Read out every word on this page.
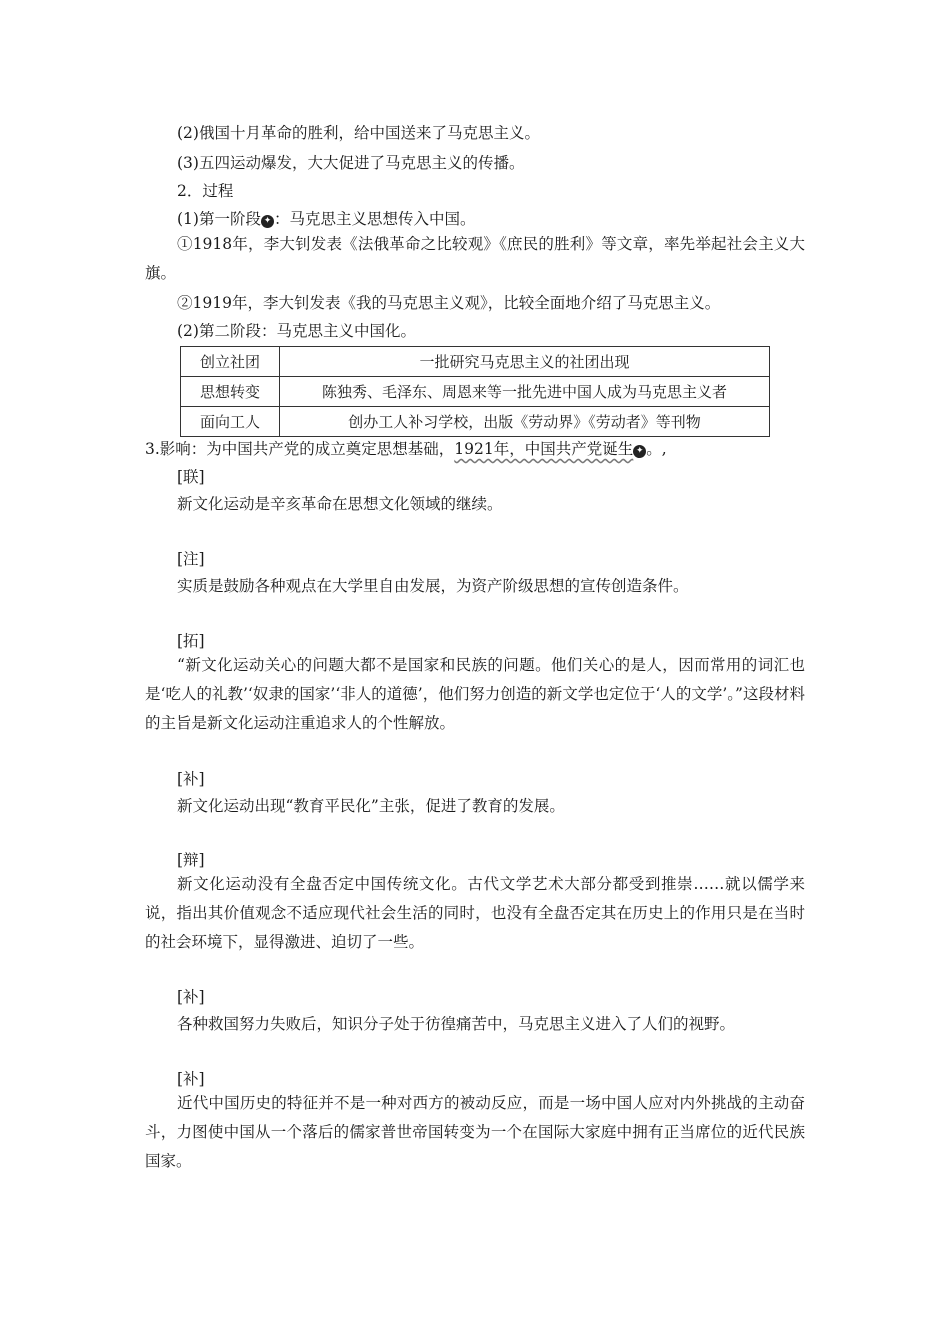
(2)俄国十月革命的胜利，给中国送来了马克思主义。
(3)五四运动爆发，大大促进了马克思主义的传播。
2．过程
(1)第一阶段 ✦ ：马克思主义思想传入中国。
①1918年，李大钊发表《法俄革命之比较观》《庶民的胜利》等文章，率先举起社会主义大旗。
②1919年，李大钊发表《我的马克思主义观》，比较全面地介绍了马克思主义。
(2)第二阶段：马克思主义中国化。
创立社团	一批研究马克思主义的社团出现
思想转变	陈独秀、毛泽东、周恩来等一批先进中国人成为马克思主义者
面向工人	创办工人补习学校，出版《劳动界》《劳动者》等刊物
3.影响：为中国共产党的成立奠定思想基础，1921年，中国共产党诞生 ✦ 。,
[联]
新文化运动是辛亥革命在思想文化领域的继续。
[注]
实质是鼓励各种观点在大学里自由发展，为资产阶级思想的宣传创造条件。
[拓]
“新文化运动关心的问题大都不是国家和民族的问题。他们关心的是人，因而常用的词汇也是‘吃人的礼教’‘奴隶的国家’‘非人的道德’，他们努力创造的新文学也定位于‘人的文学’。”这段材料的主旨是新文化运动注重追求人的个性解放。
[补]
新文化运动出现“教育平民化”主张，促进了教育的发展。
[辩]
新文化运动没有全盘否定中国传统文化。古代文学艺术大部分都受到推崇……就以儒学来说，指出其价值观念不适应现代社会生活的同时，也没有全盘否定其在历史上的作用只是在当时的社会环境下，显得激进、迫切了一些。
[补]
各种救国努力失败后，知识分子处于彷徨痛苦中，马克思主义进入了人们的视野。
[补]
近代中国历史的特征并不是一种对西方的被动反应，而是一场中国人应对内外挑战的主动奋斗，力图使中国从一个落后的儒家普世帝国转变为一个在国际大家庭中拥有正当席位的近代民族国家。
